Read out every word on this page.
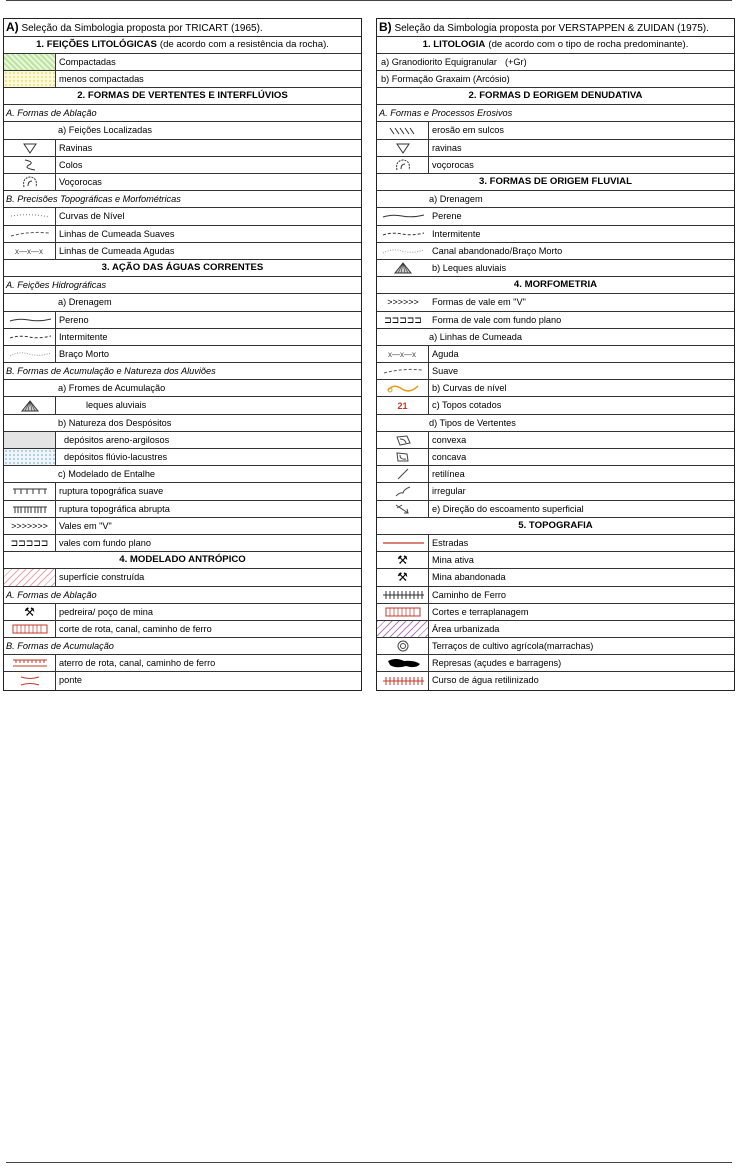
A) Seleção da Simbologia proposta por TRICART (1965).
1. FEIÇÕES LITOLÓGICAS (de acordo com a resistência da rocha).
Compactadas
menos compactadas
2. FORMAS DE VERTENTES E INTERFLÚVIOS
A. Formas de Ablação
a) Feições Localizadas
Ravinas
Colos
Voçorocas
B. Precisões Topográficas e Morfométricas
Curvas de Nível
Linhas de Cumeada Suaves
x—x—x	Linhas de Cumeada Agudas
3. AÇÃO DAS ÁGUAS CORRENTES
A. Feições Hidrográficas
a) Drenagem
Pereno
Intermitente
Braço Morto
B. Formas de Acumulação e Natureza dos Aluviões
a) Fromes de Acumulação
leques aluviais
b) Natureza dos Despósitos
depósitos areno-argilosos
depósitos flúvio-lacustres
c) Modelado de Entalhe
ruptura topográfica suave
ruptura topográfica abrupta
>>>>>>>	Vales em "V"
⊐⊐⊐⊐⊐	vales com fundo plano
4. MODELADO ANTRÓPICO
superfície construída
A. Formas de Ablação
⚒	pedreira/ poço de mina
corte de rota, canal, caminho de ferro
B. Formas de Acumulação
aterro de rota, canal, caminho de ferro
ponte
B) Seleção da Simbologia proposta por VERSTAPPEN & ZUIDAN (1975).
1. LITOLOGIA (de acordo com o tipo de rocha predominante).
a) Granodiorito Equigranular (+Gr)
b) Formação Graxaim (Arcósio)
2. FORMAS D EORIGEM DENUDATIVA
A. Formas e Processos Erosivos
erosão em sulcos
ravinas
voçorocas
3. FORMAS DE ORIGEM FLUVIAL
a) Drenagem
Perene
Intermitente
Canal abandonado/Braço Morto
b) Leques aluviais
4. MORFOMETRIA
>>>>>>	Formas de vale em "V"
⊐⊐⊐⊐⊐	Forma de vale com fundo plano
a) Linhas de Cumeada
x—x—x	Aguda
Suave
b) Curvas de nível
21	c) Topos cotados
d) Tipos de Vertentes
convexa
concava
retilínea
irregular
e) Direção do escoamento superficial
5. TOPOGRAFIA
Estradas
⚒	Mina ativa
⚒	Mina abandonada
Caminho de Ferro
Cortes e terraplanagem
Área urbanizada
Terraços de cultivo agrícola(marrachas)
Represas (açudes e barragens)
Curso de água retilinizado
